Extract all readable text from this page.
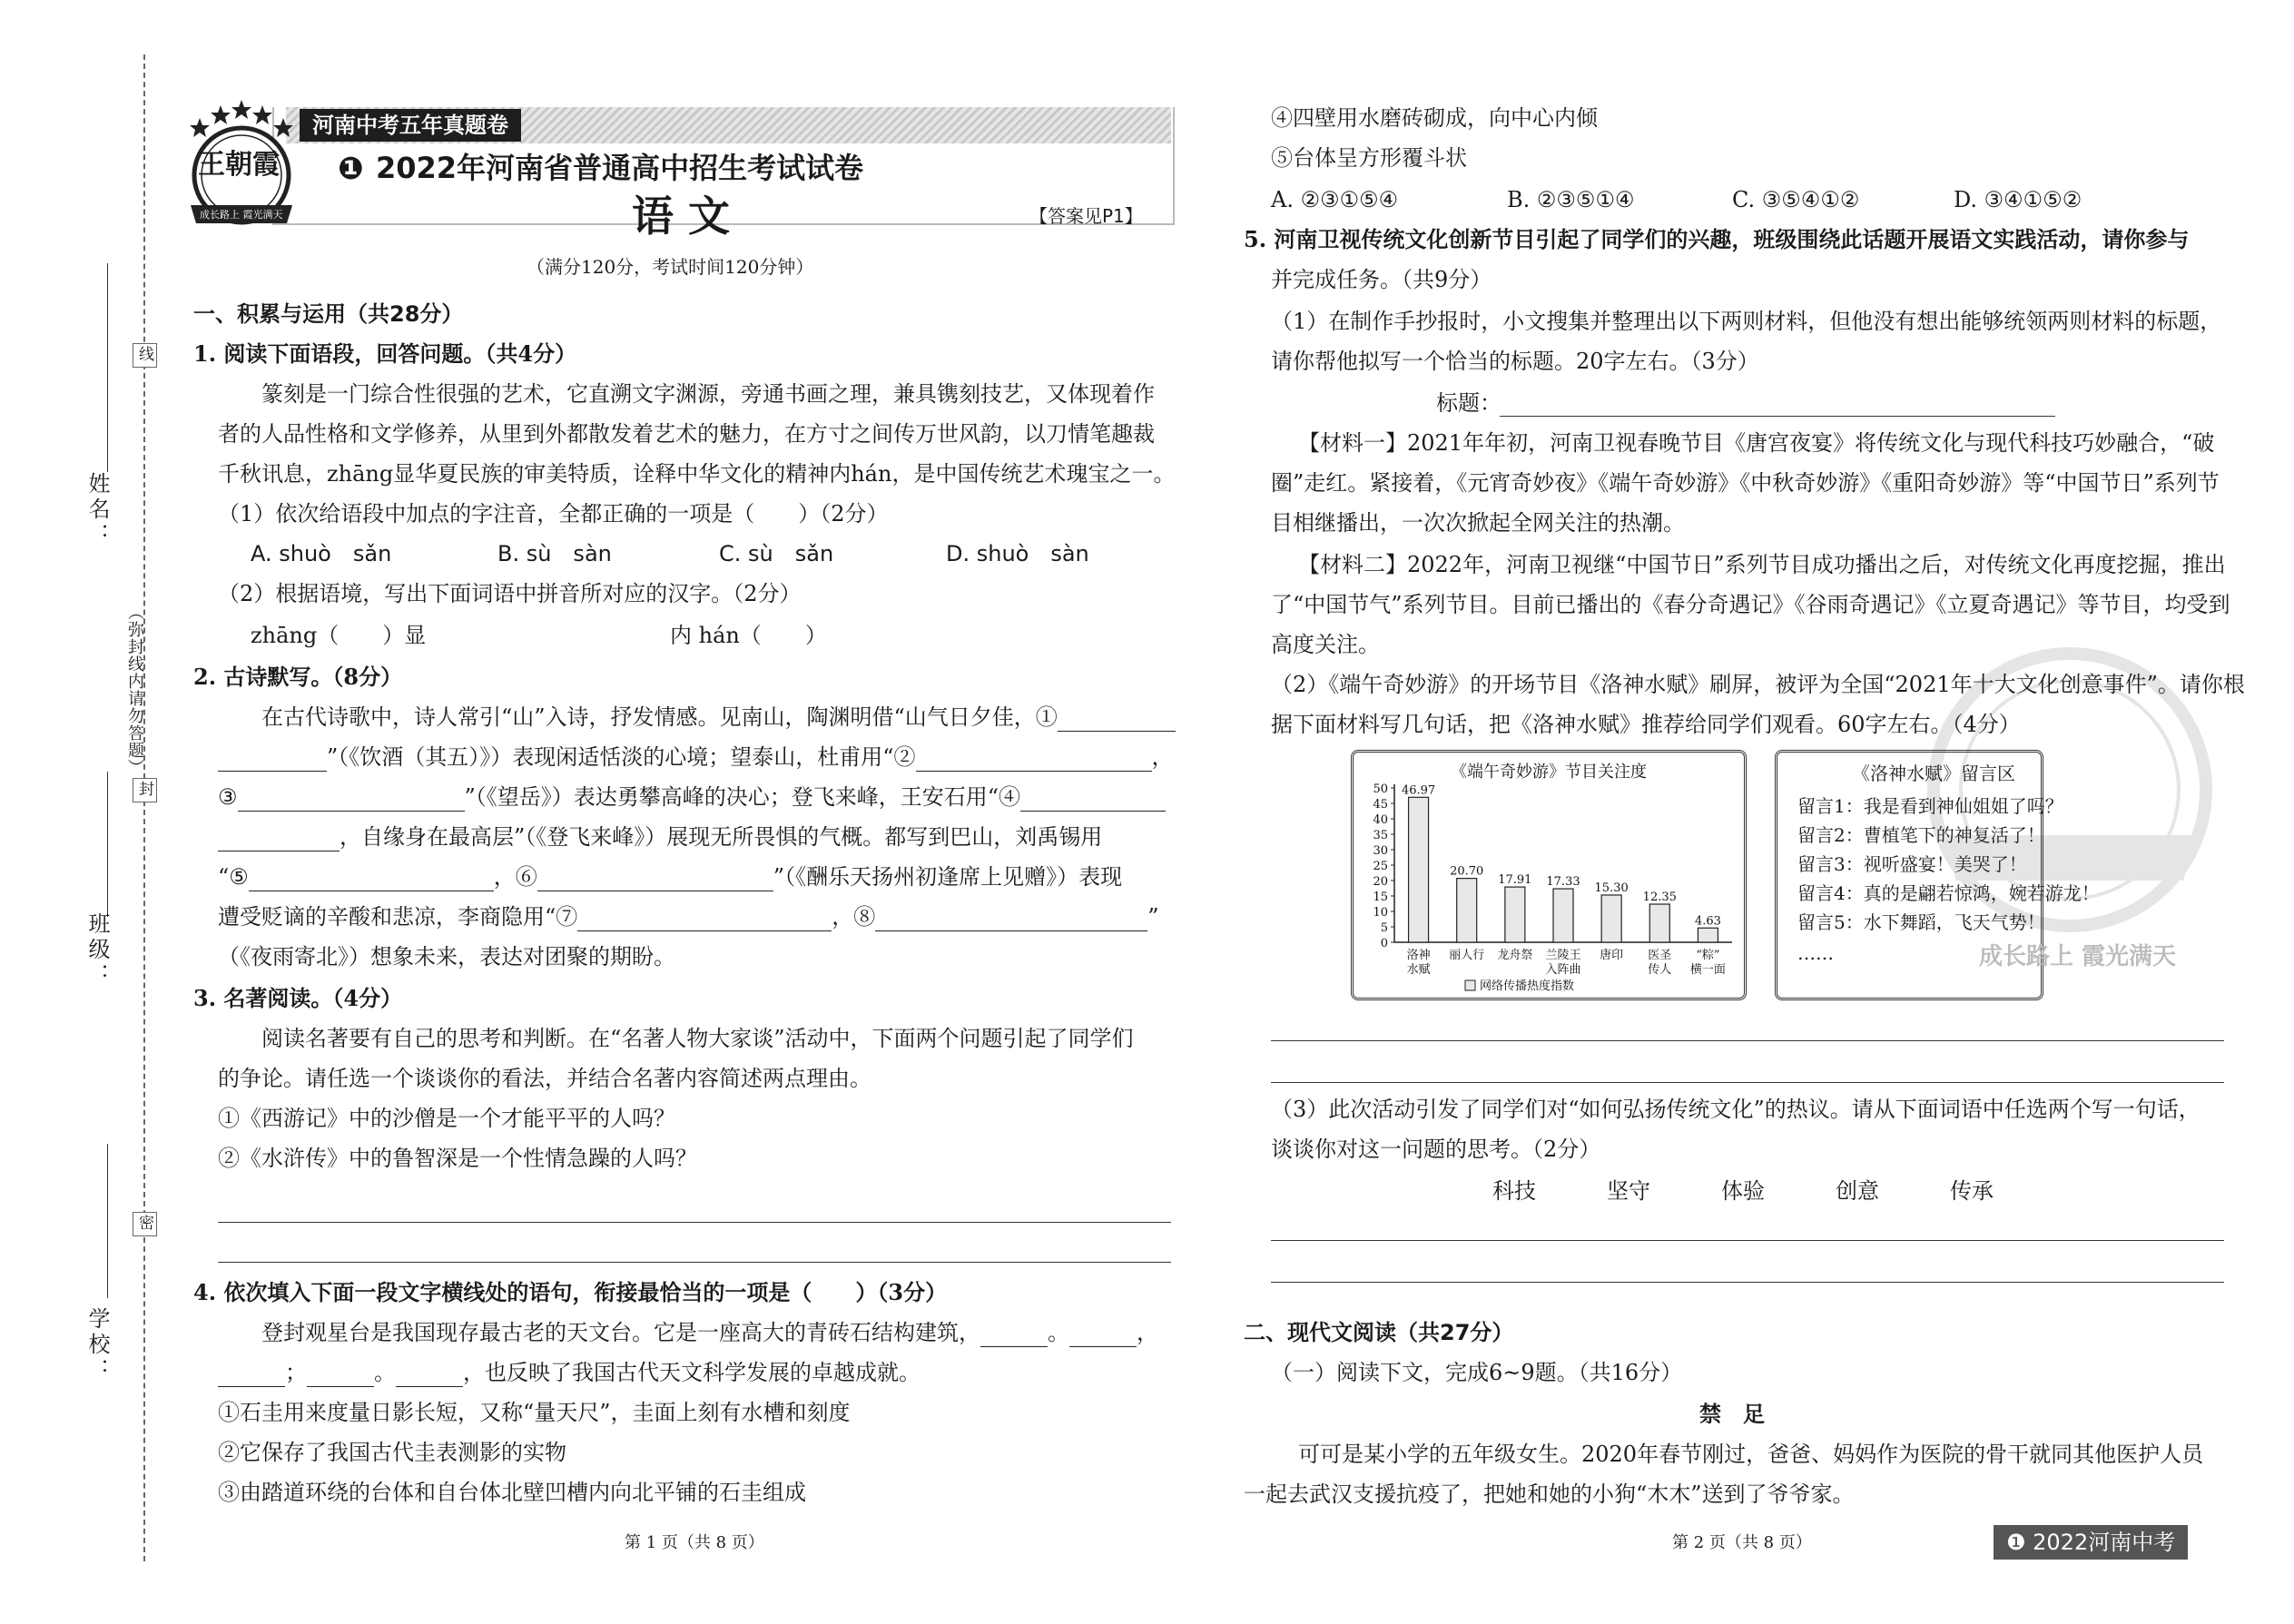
姓名：
班级：
学校：
（弥封线内请勿答题）
线
封
密
河南中考五年真题卷
王朝霞
成长路上 霞光满天
❶ 2022年河南省普通高中招生考试试卷
语 文	【答案见P1】
（满分120分，考试时间120分钟）
一、积累与运用（共28分）
1. 阅读下面语段，回答问题。（共4分）
篆刻是一门综合性很强的艺术，它直溯文字渊源，旁通书画之理，兼具镌刻技艺，又体现着作
者的人品性格和文学修养，从里到外都散发着艺术的魅力，在方寸之间传万世风韵，以刀情笔趣裁
千秋讯息，zhāng显华夏民族的审美特质，诠释中华文化的精神内hán，是中国传统艺术瑰宝之一。
（1）依次给语段中加点的字注音，全都正确的一项是（　　）（2分）
A. shuò　sǎn	B. sù　sàn	C. sù　sǎn	D. shuò　sàn
（2）根据语境，写出下面词语中拼音所对应的汉字。（2分）
zhāng（　　）显	内 hán（　　）
2. 古诗默写。（8分）
在古代诗歌中，诗人常引“山”入诗，抒发情感。见南山，陶渊明借“山气日夕佳，①
”（《饮酒（其五）》）表现闲适恬淡的心境；望泰山，杜甫用“②	，
③	”（《望岳》）表达勇攀高峰的决心；登飞来峰，王安石用“④
，自缘身在最高层”（《登飞来峰》）展现无所畏惧的气概。都写到巴山，刘禹锡用
“⑤	，⑥	”（《酬乐天扬州初逢席上见赠》）表现
遭受贬谪的辛酸和悲凉，李商隐用“⑦	，⑧	”
（《夜雨寄北》）想象未来，表达对团聚的期盼。
3. 名著阅读。（4分）
阅读名著要有自己的思考和判断。在“名著人物大家谈”活动中，下面两个问题引起了同学们
的争论。请任选一个谈谈你的看法，并结合名著内容简述两点理由。
①《西游记》中的沙僧是一个才能平平的人吗？
②《水浒传》中的鲁智深是一个性情急躁的人吗？
4. 依次填入下面一段文字横线处的语句，衔接最恰当的一项是（　　）（3分）
登封观星台是我国现存最古老的天文台。它是一座高大的青砖石结构建筑，	。	，
；	。	，也反映了我国古代天文科学发展的卓越成就。
①石圭用来度量日影长短，又称“量天尺”，圭面上刻有水槽和刻度
②它保存了我国古代圭表测影的实物
③由踏道环绕的台体和自台体北壁凹槽内向北平铺的石圭组成
第 1 页（共 8 页）
④四壁用水磨砖砌成，向中心内倾
⑤台体呈方形覆斗状
A. ②③①⑤④	B. ②③⑤①④	C. ③⑤④①②	D. ③④①⑤②
5. 河南卫视传统文化创新节目引起了同学们的兴趣，班级围绕此话题开展语文实践活动，请你参与
并完成任务。（共9分）
（1）在制作手抄报时，小文搜集并整理出以下两则材料，但他没有想出能够统领两则材料的标题，
请你帮他拟写一个恰当的标题。20字左右。（3分）
标题：
【材料一】2021年年初，河南卫视春晚节目《唐宫夜宴》将传统文化与现代科技巧妙融合，“破
圈”走红。紧接着，《元宵奇妙夜》《端午奇妙游》《中秋奇妙游》《重阳奇妙游》等“中国节日”系列节
目相继播出，一次次掀起全网关注的热潮。
【材料二】2022年，河南卫视继“中国节日”系列节目成功播出之后，对传统文化再度挖掘，推出
了“中国节气”系列节目。目前已播出的《春分奇遇记》《谷雨奇遇记》《立夏奇遇记》等节目，均受到
高度关注。
（2）《端午奇妙游》的开场节目《洛神水赋》刷屏，被评为全国“2021年十大文化创意事件”。请你根
据下面材料写几句话，把《洛神水赋》推荐给同学们观看。60字左右。（4分）
《端午奇妙游》节目关注度
0
5
10
15
20
25
30
35
40
45
50 46.97
洛神
水赋
20.70
丽人行
17.91
龙舟祭
17.33
兰陵王
入阵曲
15.30
唐印
12.35
医圣
传人
4.63
“粽”
横一面
网络传播热度指数
《洛神水赋》留言区
留言1：我是看到神仙姐姐了吗？
留言2：曹植笔下的神复活了！
留言3：视听盛宴！美哭了！
留言4：真的是翩若惊鸿，婉若游龙！
留言5：水下舞蹈，飞天气势！
……
（3）此次活动引发了同学们对“如何弘扬传统文化”的热议。请从下面词语中任选两个写一句话，
谈谈你对这一问题的思考。（2分）
科技	坚守	体验	创意	传承
二、现代文阅读（共27分）
（一）阅读下文，完成6~9题。（共16分）
禁　足
可可是某小学的五年级女生。2020年春节刚过，爸爸、妈妈作为医院的骨干就同其他医护人员
一起去武汉支援抗疫了，把她和她的小狗“木木”送到了爷爷家。
第 2 页（共 8 页）	❶ 2022河南中考
成长路上 霞光满天
